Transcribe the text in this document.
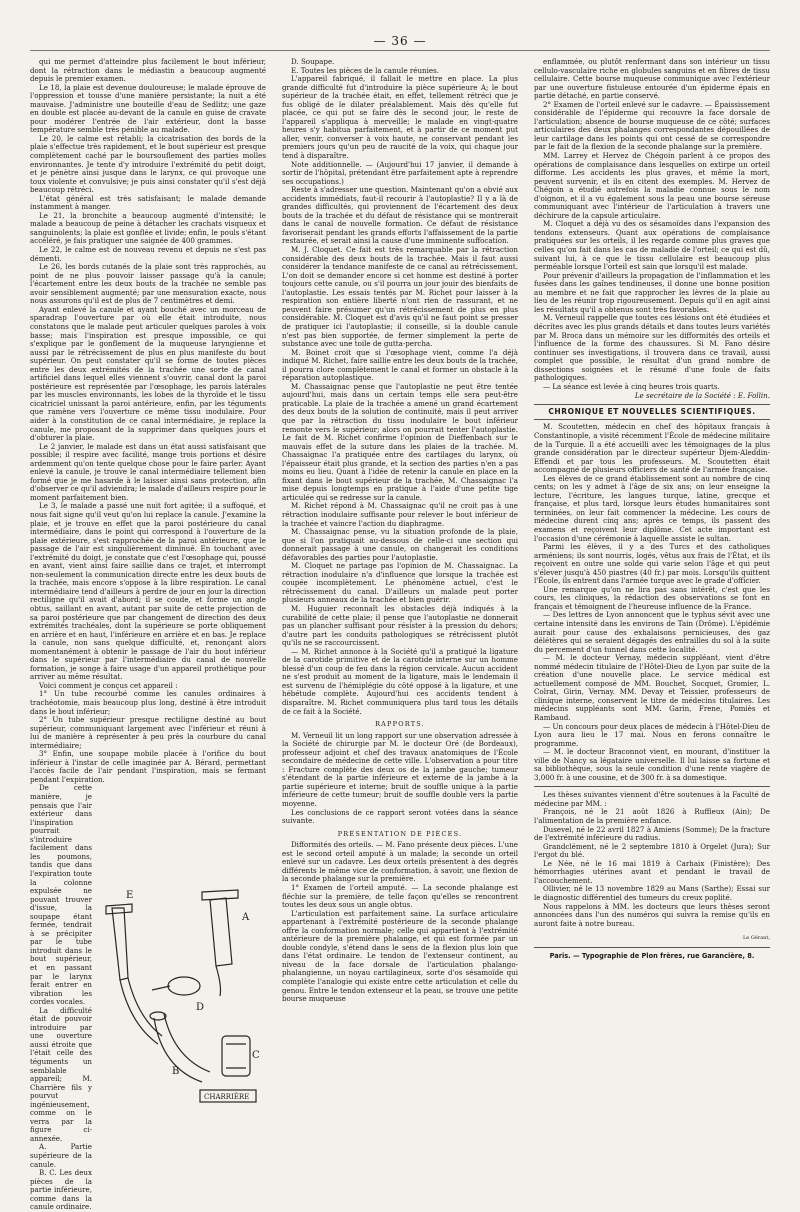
— 36 —

qui me permet d'atteindre plus facilement le bout inférieur, dont la rétraction dans le médiastin a beaucoup augmenté depuis le premier examen.

Le 18, la plaie est devenue douloureuse; le malade éprouve de l'oppression et tousse d'une manière persistante; la nuit a été mauvaise. J'administre une bouteille d'eau de Sedlitz; une gaze en double est placée au-devant de la canule en guise de cravate pour modérer l'entrée de l'air extérieur, dont la basse température semble très pénible au malade.

Le 20, le calme est rétabli; la cicatrisation des bords de la plaie s'effectue très rapidement, et le bout supérieur est presque complètement caché par le boursouflement des parties molles environnantes. Je tente d'y introduire l'extrémité du petit doigt, et je pénètre ainsi jusque dans le larynx, ce qui provoque une toux violente et convulsive; je puis ainsi constater qu'il s'est déjà beaucoup rétréci.

L'état général est très satisfaisant; le malade demande instamment à manger.

Le 21, la bronchite a beaucoup augmenté d'intensité; le malade a beaucoup de peine à détacher les crachats visqueux et sanguinolents; la plaie est gonflée et livide; enfin, le pouls s'étant accéléré, je fais pratiquer une saignée de 400 grammes.

Le 22, le calme est de nouveau revenu et depuis ne s'est pas démenti.

Le 26, les bords cutanés de la plaie sont très rapprochés, au point de ne plus pouvoir laisser passage qu'à la canule; l'écartement entre les deux bouts de la trachée ne semble pas avoir sensiblement augmenté; par une mensuration exacte, nous nous assurons qu'il est de plus de 7 centimètres et demi.

Ayant enlevé la canule et ayant bouché avec un morceau de sparadrap l'ouverture par où elle était introduite, nous constatons que le malade peut articuler quelques paroles à voix basse; mais l'inspiration est presque impossible, ce qui s'explique par le gonflement de la muqueuse laryngienne et aussi par le rétrécissement de plus en plus manifeste du bout supérieur. On peut constater qu'il se forme de toutes pièces entre les deux extrémités de la trachée une sorte de canal artificiel dans lequel elles viennent s'ouvrir, canal dont la paroi postérieure est représentée par l'œsophage, les parois latérales par les muscles environnants, les lobes de la thyroïde et le tissu cicatriciel unissant la paroi antérieure, enfin, par les téguments que ramène vers l'ouverture ce même tissu inodulaire. Pour aider à la constitution de ce canal intermédiaire, je replace la canule, me proposant de la supprimer dans quelques jours et d'obturer la plaie.

Le 2 janvier, le malade est dans un état aussi satisfaisant que possible; il respire avec facilité, mange trois portions et désire ardemment qu'on tente quelque chose pour le faire parler. Ayant enlevé la canule, je trouve le canal intermédiaire tellement bien formé que je me hasarde à le laisser ainsi sans protection, afin d'observer ce qu'il adviendra; le malade d'ailleurs respire pour le moment parfaitement bien.

Le 3, le malade a passé une nuit fort agitée; il a suffoqué, et nous fait signe qu'il veut qu'on lui replace la canule. J'examine la plaie, et je trouve en effet que la paroi postérieure du canal intermédiaire, dans le point qui correspond à l'ouverture de la plaie extérieure, s'est rapprochée de la paroi antérieure, que le passage de l'air est singulièrement diminué. En touchant avec l'extrémité du doigt, je constate que c'est l'œsophage qui, poussé en avant, vient ainsi faire saillie dans ce trajet, et interrompt non-seulement la communication directe entre les deux bouts de la trachée, mais encore s'oppose à la libre respiration. Le canal intermédiaire tend d'ailleurs à perdre de jour en jour la direction rectiligne qu'il avait d'abord; il se coude, et forme un angle obtus, saillant en avant, autant par suite de cette projection de sa paroi postérieure que par changement de direction des deux extrémités trachéales, dont la supérieure se porte obliquement en arrière et en haut, l'inférieure en arrière et en bas. Je replace la canule, non sans quelque difficulté, et, renonçant alors momentanément à obtenir le passage de l'air du bout inférieur dans le supérieur par l'intermédiaire du canal de nouvelle formation, je songe à faire usage d'un appareil prothétique pour arriver au même résultat.

Voici comment je conçus cet appareil :

1° Un tube recourbé comme les canules ordinaires à trachéotomie, mais beaucoup plus long, destiné à être introduit dans le bout inférieur;

2° Un tube supérieur presque rectiligne destiné au bout supérieur, communiquant largement avec l'inférieur et réuni à lui de manière à représenter à peu près la courbure du canal intermédiaire;

3° Enfin, une soupape mobile placée à l'orifice du bout inférieur à l'instar de celle imaginée par A. Bérard, permettant l'accès facile de l'air pendant l'inspiration, mais se fermant pendant l'expiration.

De cette manière, je pensais que l'air extérieur dans l'inspiration pourrait s'introduire facilement dans les poumons, tandis que dans l'expiration toute la colonne expulsée ne pouvant trouver d'issue, la soupape étant fermée, tendrait à se précipiter par le tube introduit dans le bout supérieur, et en passant par le larynx ferait entrer en vibration les cordes vocales.

La difficulté était de pouvoir introduire par une ouverture aussi étroite que l'était celle des téguments un semblable appareil; M. Charrière fils y pourvut ingénieusement, comme on le verra par la figure ci-annexée.

A. Partie supérieure de la canule.

B. C. Les deux pièces de la partie inférieure, comme dans la canule ordinaire.

E
A
D
B
C
CHARRIÈRE

D. Soupape.

E. Toutes les pièces de la canule réunies.

L'appareil fabriqué, il fallait le mettre en place. La plus grande difficulté fut d'introduire la pièce supérieure A; le bout supérieur de la trachée était, en effet, tellement rétréci que je fus obligé de le dilater préalablement. Mais dès qu'elle fut placée, ce qui put se faire dès le second jour, le reste de l'appareil s'appliqua à merveille; le malade en vingt-quatre heures s'y habitua parfaitement, et à partir de ce moment put aller, venir, converser à voix haute, ne conservant pendant les premiers jours qu'un peu de raucité de la voix, qui chaque jour tend à disparaître.

Note additionnelle. — (Aujourd'hui 17 janvier, il demande à sortir de l'hôpital, prétendant être parfaitement apte à reprendre ses occupations.)

Reste à s'adresser une question. Maintenant qu'on a obvié aux accidents immédiats, faut-il recourir à l'autoplastie? Il y a là de grandes difficultés, qui proviennent de l'écartement des deux bouts de la trachée et du défaut de résistance qui se montrerait dans le canal de nouvelle formation. Ce défaut de résistance favoriserait pendant les grands efforts l'affaissement de la partie restaurée, et serait ainsi la cause d'une imminente suffocation.

M. J. Cloquet. Ce fait est très remarquable par la rétraction considérable des deux bouts de la trachée. Mais il faut aussi considérer la tendance manifeste de ce canal au rétrécissement. L'on doit se demander encore si cet homme est destiné à porter toujours cette canule, ou s'il pourra un jour jouir des bienfaits de l'autoplastie. Les essais tentés par M. Richet pour laisser à la respiration son entière liberté n'ont rien de rassurant, et ne peuvent faire présumer qu'un rétrécissement de plus en plus considérable. M. Cloquet est d'avis qu'il ne faut point se presser de pratiquer ici l'autoplastie; il conseille, si la double canule n'est pas bien supportée, de fermer simplement la perte de substance avec une toile de gutta-percha.

M. Boinet croit que si l'œsophage vient, comme l'a déjà indiqué M. Richet, faire saillie entre les deux bouts de la trachée, il pourra clore complètement le canal et former un obstacle à la réparation autoplastique.

M. Chassaignac pense que l'autoplastie ne peut être tentée aujourd'hui, mais dans un certain temps elle sera peut-être praticable. La plaie de la trachée a amené un grand écartement des deux bouts de la solution de continuité, mais il peut arriver que par la rétraction du tissu inodulaire le bout inférieur remonte vers le supérieur; alors on pourrait tenter l'autoplastie. Le fait de M. Richet confirme l'opinion de Dieffenbach sur le mauvais effet de la suture dans les plaies de la trachée. M. Chassaignac l'a pratiquée entre des cartilages du larynx, où l'épaisseur était plus grande, et la section des parties n'en a pas moins eu lieu. Quant à l'idée de retenir la canule en place en la fixant dans le bout supérieur de la trachée, M. Chassaignac l'a mise depuis longtemps en pratique à l'aide d'une petite tige articulée qui se redresse sur la canule.

M. Richet répond à M. Chassaignac qu'il ne croit pas à une rétraction inodulaire suffisante pour relever le bout inférieur de la trachée et vaincre l'action du diaphragme.

M. Chassaignac pense, vu la situation profonde de la plaie, que si l'on pratiquait au-dessous de celle-ci une section qui donnerait passage à une canule, on changerait les conditions défavorables des parties pour l'autoplastie.

M. Cloquet ne partage pas l'opinion de M. Chassaignac. La rétraction inodulaire n'a d'influence que lorsque la trachée est coupée incomplètement. Le phénomène actuel, c'est le rétrécissement du canal. D'ailleurs un malade peut porter plusieurs anneaux de la trachée et bien guérir.

M. Huguier reconnaît les obstacles déjà indiqués à la curabilité de cette plaie; il pense que l'autoplastie ne donnerait pas un plancher suffisant pour résister à la pression du dehors; d'autre part les conduits pathologiques se rétrécissent plutôt qu'ils ne se raccourcissent.

— M. Richet annonce à la Société qu'il a pratiqué la ligature de la carotide primitive et de la carotide interne sur un homme blessé d'un coup de feu dans la région cervicale. Aucun accident ne s'est produit au moment de la ligature, mais le lendemain il est survenu de l'hémiplégie du côté opposé à la ligature, et une hébétude complète. Aujourd'hui ces accidents tendent à disparaître. M. Richet communiquera plus tard tous les détails de ce fait à la Société.

RAPPORTS.

M. Verneuil lit un long rapport sur une observation adressée à la Société de chirurgie par M. le docteur Oré (de Bordeaux), professeur adjoint et chef des travaux anatomiques de l'École secondaire de médecine de cette ville. L'observation a pour titre : Fracture complète des deux os de la jambe gauche; tumeur s'étendant de la partie inférieure et externe de la jambe à la partie supérieure et interne; bruit de souffle unique à la partie inférieure de cette tumeur; bruit de souffle double vers la partie moyenne.

Les conclusions de ce rapport seront votées dans la séance suivante.

PRÉSENTATION DE PIÈCES.

Difformités des orteils. — M. Fano présente deux pièces. L'une est le second orteil amputé à un malade; la seconde un orteil enlevé sur un cadavre. Les deux orteils présentent à des degrés différents le même vice de conformation, à savoir, une flexion de la seconde phalange sur la première.

1° Examen de l'orteil amputé. — La seconde phalange est fléchie sur la première, de telle façon qu'elles se rencontrent toutes les deux sous un angle obtus.

L'articulation est parfaitement saine. La surface articulaire appartenant à l'extrémité postérieure de la seconde phalange offre la conformation normale; celle qui appartient à l'extrémité antérieure de la première phalange, et qui est formée par un double condyle, s'étend dans le sens de la flexion plus loin que dans l'état ordinaire. Le tendon de l'extenseur continent, au niveau de la face dorsale de l'articulation phalango-phalangienne, un noyau cartilagineux, sorte d'os sésamoïde qui complète l'analogie qui existe entre cette articulation et celle du genou. Entre le tendon extenseur et la peau, se trouve une petite bourse muqueuse

enflammée, ou plutôt renfermant dans son intérieur un tissu cellulo-vasculaire riche en globules sanguins et en fibres de tissu cellulaire. Cette bourse muqueuse communique avec l'extérieur par une ouverture fistuleuse entourée d'un épiderme épais en partie détaché, en partie conservé.

2° Examen de l'orteil enlevé sur le cadavre. — Épaississement considérable de l'épiderme qui recouvre la face dorsale de l'articulation; absence de bourse muqueuse de ce côté; surfaces articulaires des deux phalanges correspondantes dépouillées de leur cartilage dans les points qui ont cessé de se correspondre par le fait de la flexion de la seconde phalange sur la première.

MM. Larrey et Hervez de Chégoin parlent à ce propos des opérations de complaisance dans lesquelles on extirpe un orteil difforme. Les accidents les plus graves, et même la mort, peuvent survenir, et ils en citent des exemples. M. Hervez de Chégoin a étudié autrefois la maladie connue sous le nom d'oignon, et il a vu également sous la peau une bourse séreuse communiquant avec l'intérieur de l'articulation à travers une déchirure de la capsule articulaire.

M. Cloquet a déjà vu des os sésamoïdes dans l'expansion des tendons extenseurs. Quant aux opérations de complaisance pratiquées sur les orteils, il les regarde comme plus graves que celles qu'on fait dans les cas de maladie de l'orteil; ce qui est dû, suivant lui, à ce que le tissu cellulaire est beaucoup plus perméable lorsque l'orteil est sain que lorsqu'il est malade.

Pour prévenir d'ailleurs la propagation de l'inflammation et les fusées dans les gaînes tendineuses, il donne une bonne position au membre et ne fait que rapprocher les lèvres de la plaie au lieu de les réunir trop rigoureusement. Depuis qu'il en agit ainsi les résultats qu'il a obtenus sont très favorables.

M. Verneuil rappelle que toutes ces lésions ont été étudiées et décrites avec les plus grands détails et dans toutes leurs variétés par M. Broca dans un mémoire sur les difformités des orteils et l'influence de la forme des chaussures. Si M. Fano désire continuer ses investigations, il trouvera dans ce travail, aussi complet que possible, le résultat d'un grand nombre de dissections soignées et le résumé d'une foule de faits pathologiques.

— La séance est levée à cinq heures trois quarts.

Le secrétaire de la Société : E. Follin.
CHRONIQUE ET NOUVELLES SCIENTIFIQUES.

M. Scoutetten, médecin en chef des hôpitaux français à Constantinople, a visité récemment l'École de médecine militaire de la Turquie. Il a été accueilli avec les témoignages de la plus grande considération par le directeur supérieur Djem-Aleddin-Effendi et par tous les professeurs. M. Scoutetten était accompagné de plusieurs officiers de santé de l'armée française.

Les élèves de ce grand établissement sont au nombre de cinq cents; on les y admet à l'âge de six ans; on leur enseigne la lecture, l'écriture, les langues turque, latine, grecque et française, et plus tard, lorsque leurs études humanitaires sont terminées, on leur fait commencer la médecine. Les cours de médecine durent cinq ans; après ce temps, ils passent des examens et reçoivent leur diplôme. Cet acte important est l'occasion d'une cérémonie à laquelle assiste le sultan.

Parmi les élèves, il y a des Turcs et des catholiques arméniens; ils sont nourris, logés, vêtus aux frais de l'État, et ils reçoivent en outre une solde qui varie selon l'âge et qui peut s'élever jusqu'à 450 piastres (40 fr.) par mois. Lorsqu'ils quittent l'École, ils entrent dans l'armée turque avec le grade d'officier.

Une remarque qu'on ne lira pas sans intérêt, c'est que les cours, les cliniques, la rédaction des observations se font en français et témoignent de l'heureuse influence de la France.

— Des lettres de Lyon annoncent que le typhus sévit avec une certaine intensité dans les environs de Tain (Drôme). L'épidémie aurait pour cause des exhalaisons pernicieuses, des gaz délétères qui se seraient dégagés des entrailles du sol à la suite du percement d'un tunnel dans cette localité.

— M. le docteur Vernay, médecin suppléant, vient d'être nommé médecin titulaire de l'Hôtel-Dieu de Lyon par suite de la création d'une nouvelle place. Le service médical est actuellement composé de MM. Bouchet, Socquet, Gromier, L. Colrat, Girin, Vernay. MM. Devay et Teissier, professeurs de clinique interne, conservent le titre de médecins titulaires. Les médecins suppléants sont MM. Garin, Frene, Pomiès et Rambaud.

— Un concours pour deux places de médecin à l'Hôtel-Dieu de Lyon aura lieu le 17 mai. Nous en ferons connaître le programme.

— M. le docteur Braconnot vient, en mourant, d'instituer la ville de Nancy sa légataire universelle. Il lui laisse sa fortune et sa bibliothèque, sous la seule condition d'une rente viagère de 3,000 fr. à une cousine, et de 300 fr. à sa domestique.

Les thèses suivantes viennent d'être soutenues à la Faculté de médecine par MM. :

François, né le 21 août 1826 à Ruffieux (Ain); De l'alimentation de la première enfance.

Dusevel, né le 22 avril 1827 à Amiens (Somme); De la fracture de l'extrémité inférieure du radius.

Grandclément, né le 2 septembre 1810 à Orgelet (Jura); Sur l'ergot du blé.

Le Née, né le 16 mai 1819 à Carhaix (Finistère); Des hémorrhagies utérines avant et pendant le travail de l'accouchement.

Ollivier, né le 13 novembre 1829 au Mans (Sarthe); Essai sur le diagnostic différentiel des tumeurs du creux poplité.

Nous rappelons à MM. les docteurs que leurs thèses seront annoncées dans l'un des numéros qui suivra la remise qu'ils en auront faite à notre bureau.

Le Gérant,
Paris. — Typographie de Plon frères, rue Garancière, 8.
